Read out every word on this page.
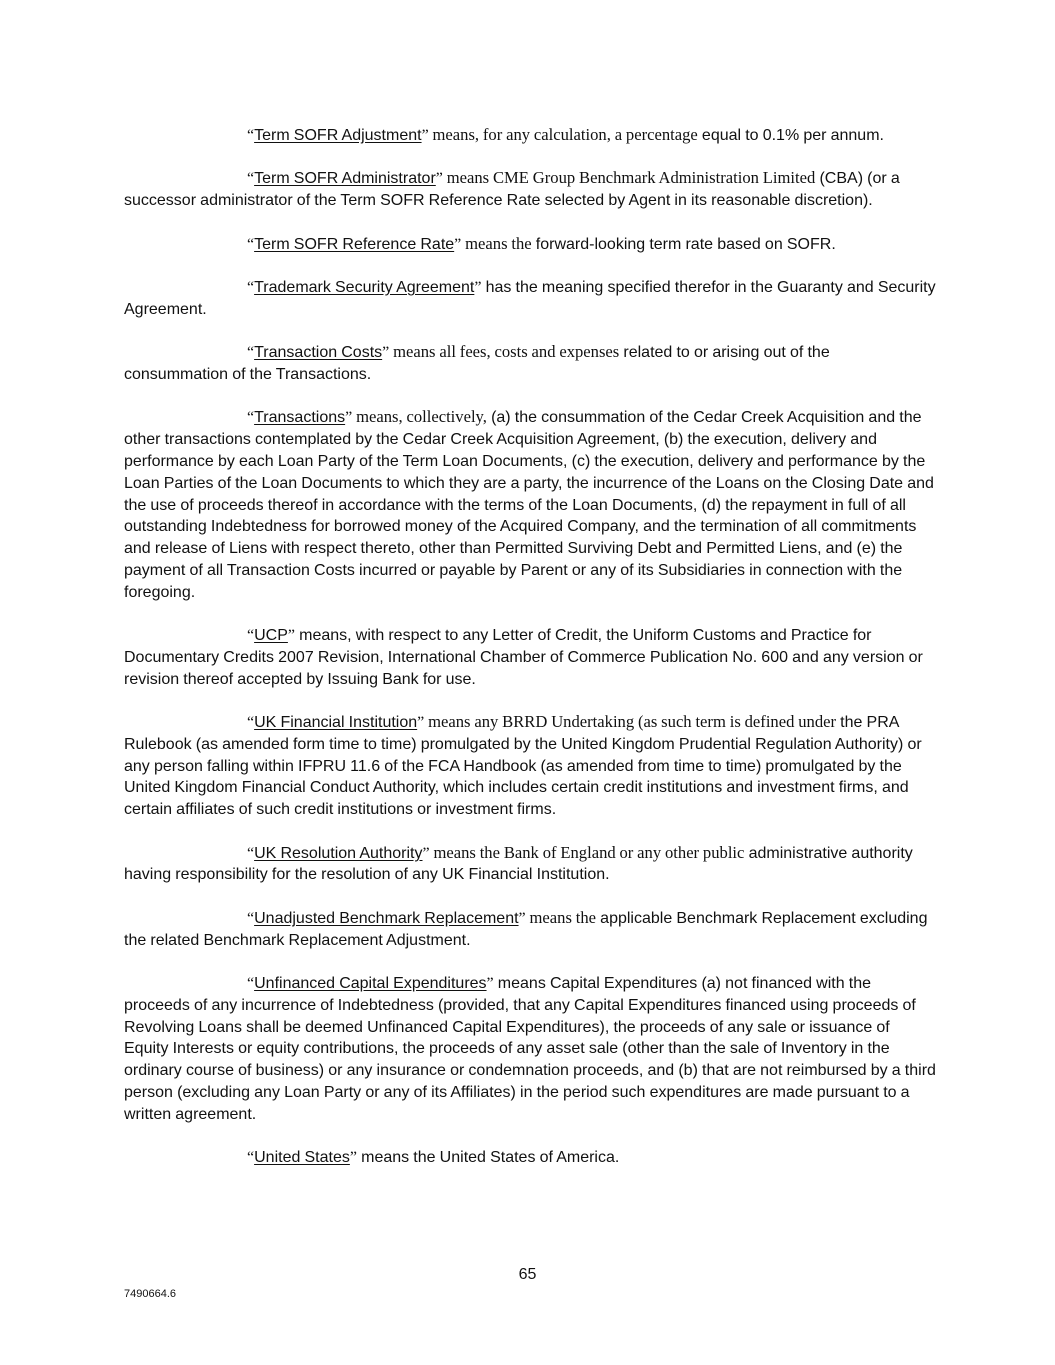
“Term SOFR Adjustment” means, for any calculation, a percentage equal to 0.1% per annum.

“Term SOFR Administrator” means CME Group Benchmark Administration Limited (CBA) (or a successor administrator of the Term SOFR Reference Rate selected by Agent in its reasonable discretion).

“Term SOFR Reference Rate” means the forward-looking term rate based on SOFR.

“Trademark Security Agreement” has the meaning specified therefor in the Guaranty and Security Agreement.

“Transaction Costs” means all fees, costs and expenses related to or arising out of the consummation of the Transactions.

“Transactions” means, collectively, (a) the consummation of the Cedar Creek Acquisition and the other transactions contemplated by the Cedar Creek Acquisition Agreement, (b) the execution, delivery and performance by each Loan Party of the Term Loan Documents, (c) the execution, delivery and performance by the Loan Parties of the Loan Documents to which they are a party, the incurrence of the Loans on the Closing Date and the use of proceeds thereof in accordance with the terms of the Loan Documents, (d) the repayment in full of all outstanding Indebtedness for borrowed money of the Acquired Company, and the termination of all commitments and release of Liens with respect thereto, other than Permitted Surviving Debt and Permitted Liens, and (e) the payment of all Transaction Costs incurred or payable by Parent or any of its Subsidiaries in connection with the foregoing.

“UCP” means, with respect to any Letter of Credit, the Uniform Customs and Practice for Documentary Credits 2007 Revision, International Chamber of Commerce Publication No. 600 and any version or revision thereof accepted by Issuing Bank for use.

“UK Financial Institution” means any BRRD Undertaking (as such term is defined under the PRA Rulebook (as amended form time to time) promulgated by the United Kingdom Prudential Regulation Authority) or any person falling within IFPRU 11.6 of the FCA Handbook (as amended from time to time) promulgated by the United Kingdom Financial Conduct Authority, which includes certain credit institutions and investment firms, and certain affiliates of such credit institutions or investment firms.

“UK Resolution Authority” means the Bank of England or any other public administrative authority having responsibility for the resolution of any UK Financial Institution.

“Unadjusted Benchmark Replacement” means the applicable Benchmark Replacement excluding the related Benchmark Replacement Adjustment.

“Unfinanced Capital Expenditures” means Capital Expenditures (a) not financed with the proceeds of any incurrence of Indebtedness (provided, that any Capital Expenditures financed using proceeds of Revolving Loans shall be deemed Unfinanced Capital Expenditures), the proceeds of any sale or issuance of Equity Interests or equity contributions, the proceeds of any asset sale (other than the sale of Inventory in the ordinary course of business) or any insurance or condemnation proceeds, and (b) that are not reimbursed by a third person (excluding any Loan Party or any of its Affiliates) in the period such expenditures are made pursuant to a written agreement.

“United States” means the United States of America.

65
7490664.6
